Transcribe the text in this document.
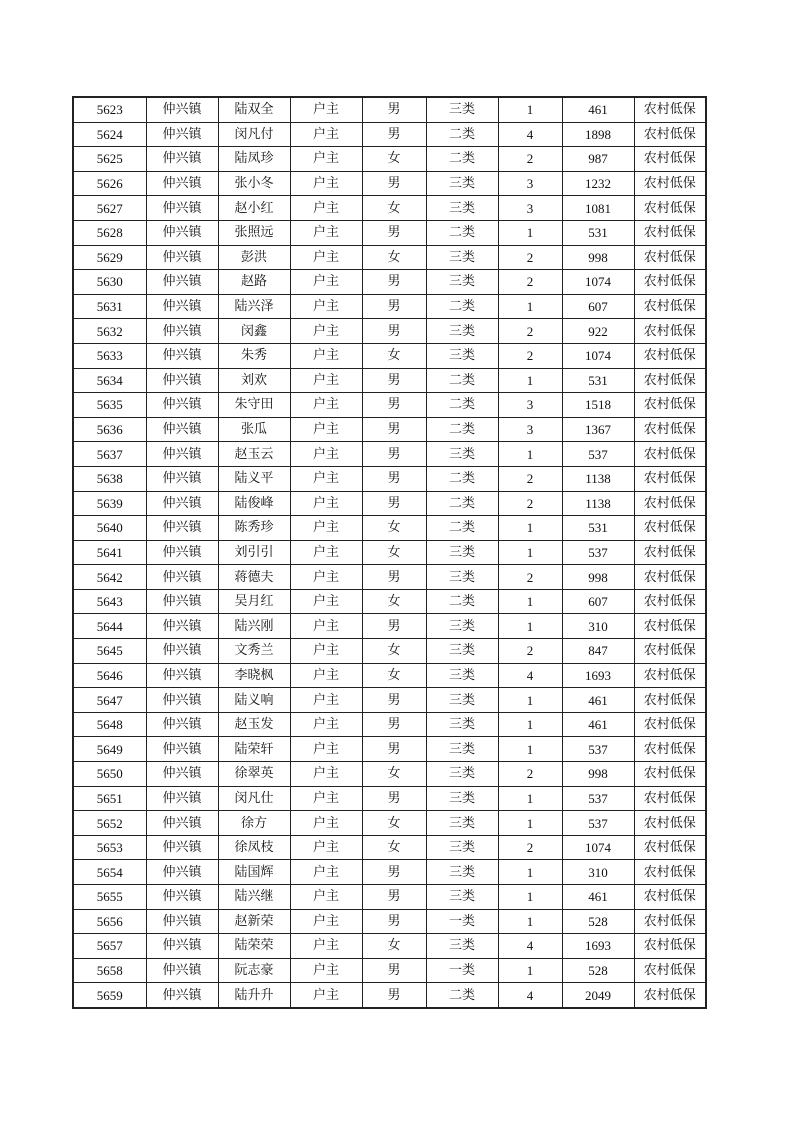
5623	仲兴镇	陆双全	户主	男	三类	1	461	农村低保
5624	仲兴镇	闵凡付	户主	男	二类	4	1898	农村低保
5625	仲兴镇	陆凤珍	户主	女	二类	2	987	农村低保
5626	仲兴镇	张小冬	户主	男	三类	3	1232	农村低保
5627	仲兴镇	赵小红	户主	女	三类	3	1081	农村低保
5628	仲兴镇	张照远	户主	男	二类	1	531	农村低保
5629	仲兴镇	彭洪	户主	女	三类	2	998	农村低保
5630	仲兴镇	赵路	户主	男	三类	2	1074	农村低保
5631	仲兴镇	陆兴泽	户主	男	二类	1	607	农村低保
5632	仲兴镇	闵鑫	户主	男	三类	2	922	农村低保
5633	仲兴镇	朱秀	户主	女	三类	2	1074	农村低保
5634	仲兴镇	刘欢	户主	男	二类	1	531	农村低保
5635	仲兴镇	朱守田	户主	男	二类	3	1518	农村低保
5636	仲兴镇	张瓜	户主	男	二类	3	1367	农村低保
5637	仲兴镇	赵玉云	户主	男	三类	1	537	农村低保
5638	仲兴镇	陆义平	户主	男	二类	2	1138	农村低保
5639	仲兴镇	陆俊峰	户主	男	二类	2	1138	农村低保
5640	仲兴镇	陈秀珍	户主	女	二类	1	531	农村低保
5641	仲兴镇	刘引引	户主	女	三类	1	537	农村低保
5642	仲兴镇	蒋德夫	户主	男	三类	2	998	农村低保
5643	仲兴镇	吴月红	户主	女	二类	1	607	农村低保
5644	仲兴镇	陆兴刚	户主	男	三类	1	310	农村低保
5645	仲兴镇	文秀兰	户主	女	三类	2	847	农村低保
5646	仲兴镇	李晓枫	户主	女	三类	4	1693	农村低保
5647	仲兴镇	陆义响	户主	男	三类	1	461	农村低保
5648	仲兴镇	赵玉发	户主	男	三类	1	461	农村低保
5649	仲兴镇	陆荣轩	户主	男	三类	1	537	农村低保
5650	仲兴镇	徐翠英	户主	女	三类	2	998	农村低保
5651	仲兴镇	闵凡仕	户主	男	三类	1	537	农村低保
5652	仲兴镇	徐方	户主	女	三类	1	537	农村低保
5653	仲兴镇	徐凤枝	户主	女	三类	2	1074	农村低保
5654	仲兴镇	陆国辉	户主	男	三类	1	310	农村低保
5655	仲兴镇	陆兴继	户主	男	三类	1	461	农村低保
5656	仲兴镇	赵新荣	户主	男	一类	1	528	农村低保
5657	仲兴镇	陆荣荣	户主	女	三类	4	1693	农村低保
5658	仲兴镇	阮志豪	户主	男	一类	1	528	农村低保
5659	仲兴镇	陆升升	户主	男	二类	4	2049	农村低保
